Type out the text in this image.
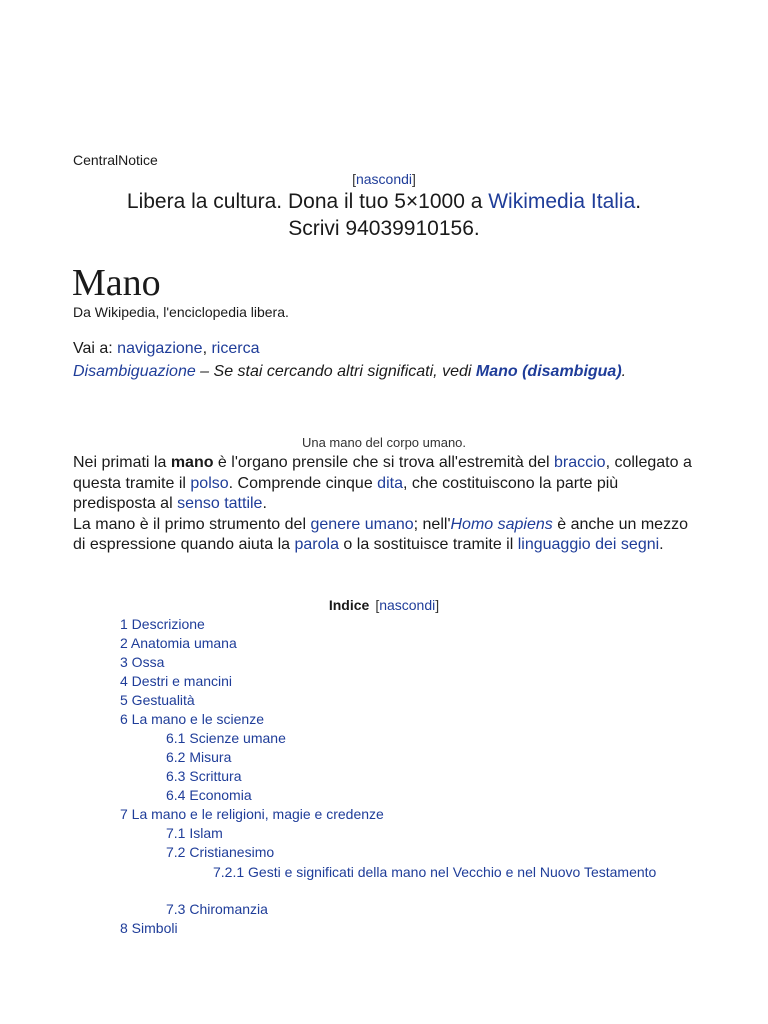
CentralNotice
[nascondi]
Libera la cultura. Dona il tuo 5×1000 a Wikimedia Italia.
Scrivi 94039910156.
Mano
Da Wikipedia, l'enciclopedia libera.
Vai a: navigazione, ricerca
Disambiguazione – Se stai cercando altri significati, vedi Mano (disambigua).
Una mano del corpo umano.

Nei primati la mano è l'organo prensile che si trova all'estremità del braccio, collegato a questa tramite il polso. Comprende cinque dita, che costituiscono la parte più predisposta al senso tattile.

La mano è il primo strumento del genere umano; nell'Homo sapiens è anche un mezzo di espressione quando aiuta la parola o la sostituisce tramite il linguaggio dei segni.

Indice [nascondi]
1 Descrizione
2 Anatomia umana
3 Ossa
4 Destri e mancini
5 Gestualità
6 La mano e le scienze
6.1 Scienze umane
6.2 Misura
6.3 Scrittura
6.4 Economia
7 La mano e le religioni, magie e credenze
7.1 Islam
7.2 Cristianesimo
7.2.1 Gesti e significati della mano nel Vecchio e nel Nuovo Testamento
7.3 Chiromanzia
8 Simboli
